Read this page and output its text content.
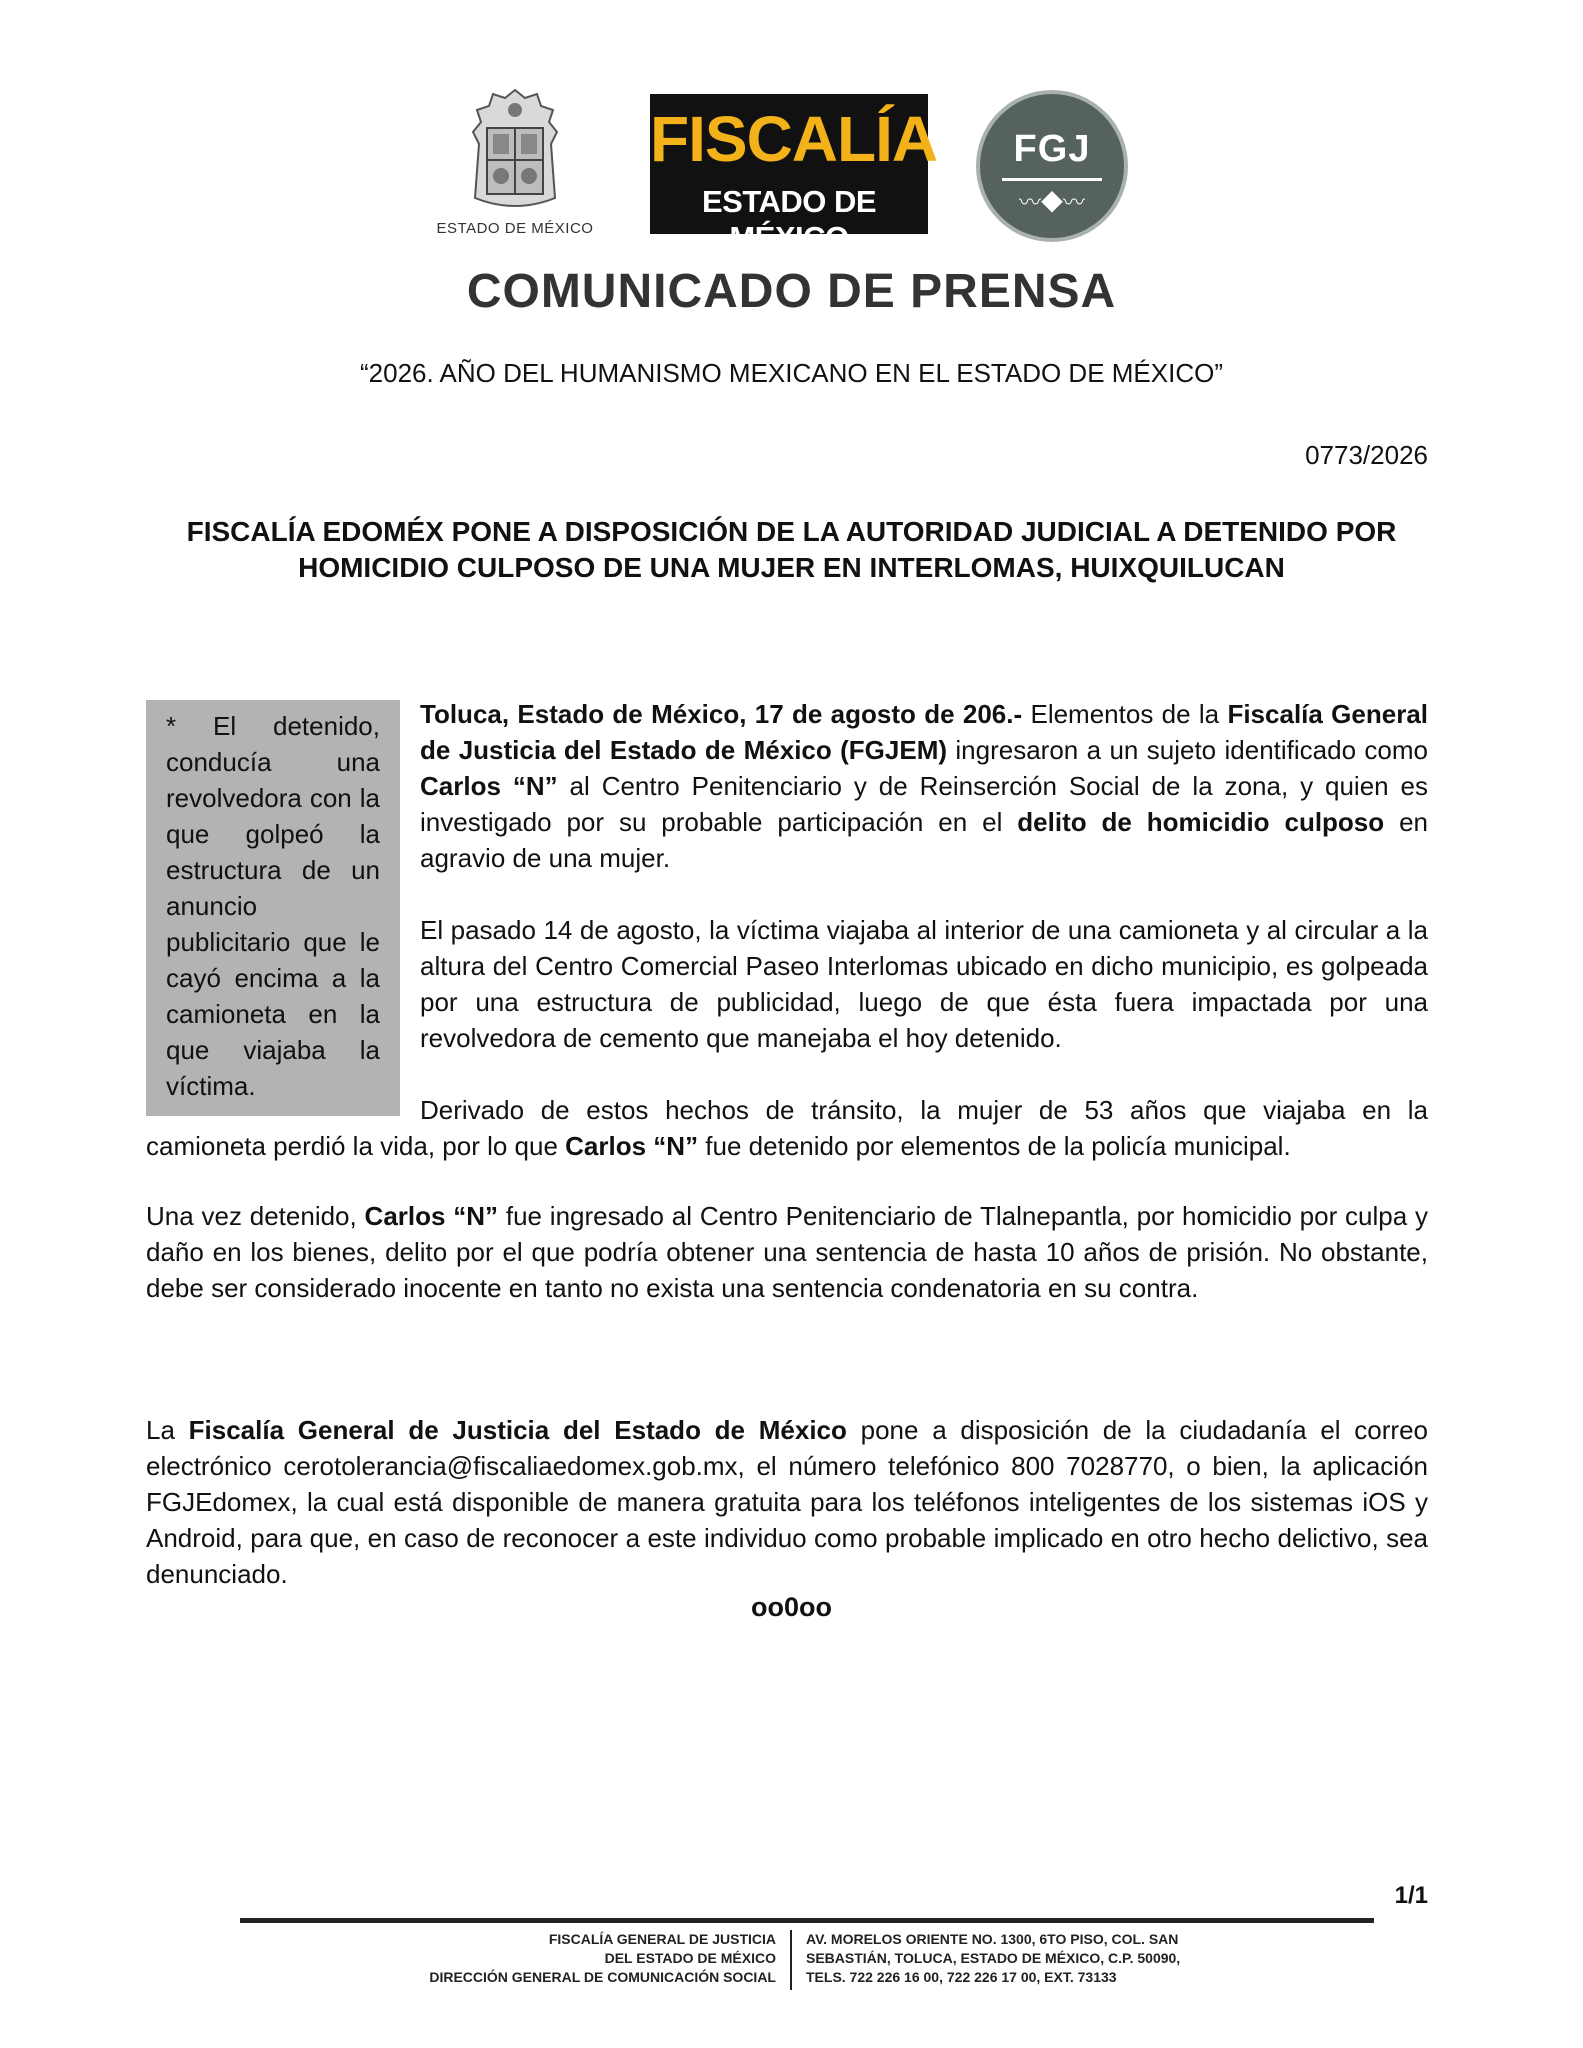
ESTADO DE MÉXICO
FISCALÍA
ESTADO DE MÉXICO
FGJ
〰◆〰
COMUNICADO DE PRENSA
“2026. AÑO DEL HUMANISMO MEXICANO EN EL ESTADO DE MÉXICO”
0773/2026
FISCALÍA EDOMÉX PONE A DISPOSICIÓN DE LA AUTORIDAD JUDICIAL A DETENIDO POR HOMICIDIO CULPOSO DE UNA MUJER EN INTERLOMAS, HUIXQUILUCAN
* El detenido, conducía una revolvedora con la que golpeó la estructura de un anuncio publicitario que le cayó encima a la camioneta en la que viajaba la víctima.
Toluca, Estado de México, 17 de agosto de 206.- Elementos de la Fiscalía General de Justicia del Estado de México (FGJEM) ingresaron a un sujeto identificado como Carlos “N” al Centro Penitenciario y de Reinserción Social de la zona, y quien es investigado por su probable participación en el delito de homicidio culposo en agravio de una mujer.
El pasado 14 de agosto, la víctima viajaba al interior de una camioneta y al circular a la altura del Centro Comercial Paseo Interlomas ubicado en dicho municipio, es golpeada por una estructura de publicidad, luego de que ésta fuera impactada por una revolvedora de cemento que manejaba el hoy detenido.
Derivado de estos hechos de tránsito, la mujer de 53 años que viajaba en la
camioneta perdió la vida, por lo que Carlos “N” fue detenido por elementos de la policía municipal.
Una vez detenido, Carlos “N” fue ingresado al Centro Penitenciario de Tlalnepantla, por homicidio por culpa y daño en los bienes, delito por el que podría obtener una sentencia de hasta 10 años de prisión. No obstante, debe ser considerado inocente en tanto no exista una sentencia condenatoria en su contra.
La Fiscalía General de Justicia del Estado de México pone a disposición de la ciudadanía el correo electrónico cerotolerancia@fiscaliaedomex.gob.mx, el número telefónico 800 7028770, o bien, la aplicación FGJEdomex, la cual está disponible de manera gratuita para los teléfonos inteligentes de los sistemas iOS y Android, para que, en caso de reconocer a este individuo como probable implicado en otro hecho delictivo, sea denunciado.
oo0oo
1/1
FISCALÍA GENERAL DE JUSTICIA
DEL ESTADO DE MÉXICO
DIRECCIÓN GENERAL DE COMUNICACIÓN SOCIAL
AV. MORELOS ORIENTE NO. 1300, 6TO PISO, COL. SAN
SEBASTIÁN, TOLUCA, ESTADO DE MÉXICO, C.P. 50090,
TELS. 722 226 16 00, 722 226 17 00, EXT. 73133
